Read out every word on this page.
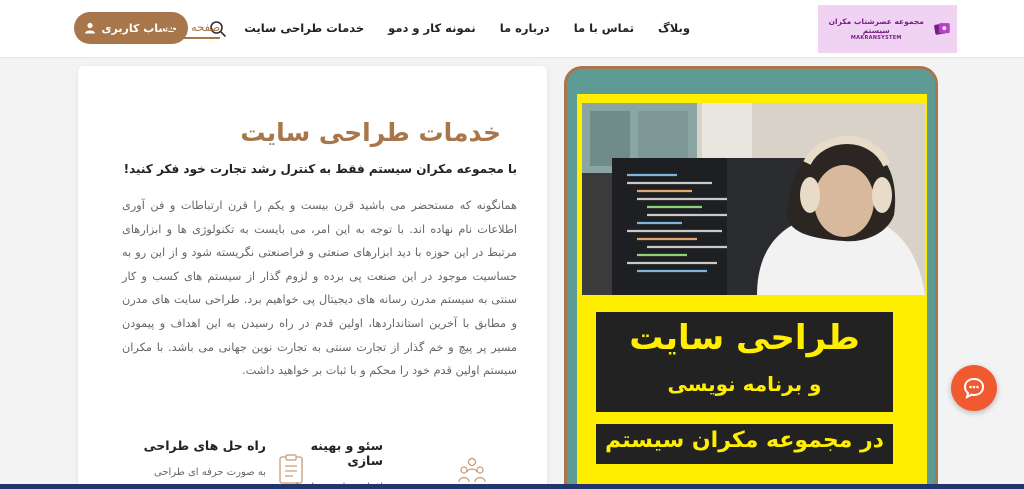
حساب کاربری
صفحه اصلی خدمات طراحی سایت نمونه کار و دمو درباره ما تماس با ما وبلاگ	مجموعه عصرشتاب مکران سیستم
MAKRANSYSTEM
خدمات طراحی سایت
با مجموعه مکران سیستم فقط به کنترل رشد تجارت خود فکر کنید!

همانگونه که مستحضر می باشید قرن بیست و یکم را قرن ارتباطات و فن آوری اطلاعات نام نهاده اند. با توجه به این امر، می بایست به تکنولوژی ها و ابزارهای مرتبط در این حوزه با دید ابزارهای صنعتی و فراصنعتی نگریسته شود و از این رو به حساسیت موجود در این صنعت پی برده و لزوم گذار از سیستم های کسب و کار سنتی به سیستم مدرن رسانه های دیجیتال پی خواهیم برد. طراحی سایت های مدرن و مطابق با آخرین استانداردها، اولین قدم در راه رسیدن به این اهداف و پیمودن مسیر پر پیچ و خم گذار از تجارت سنتی به تجارت نوین جهانی می باشد. با مکران سیستم اولین قدم خود را محکم و با ثبات بر خواهید داشت.

راه حل های طراحی
به صورت حرفه ای طراحی
سئو و بهینه سازی
طراحی سایت
و برنامه نویسی
در مجموعه مکران سیستم
